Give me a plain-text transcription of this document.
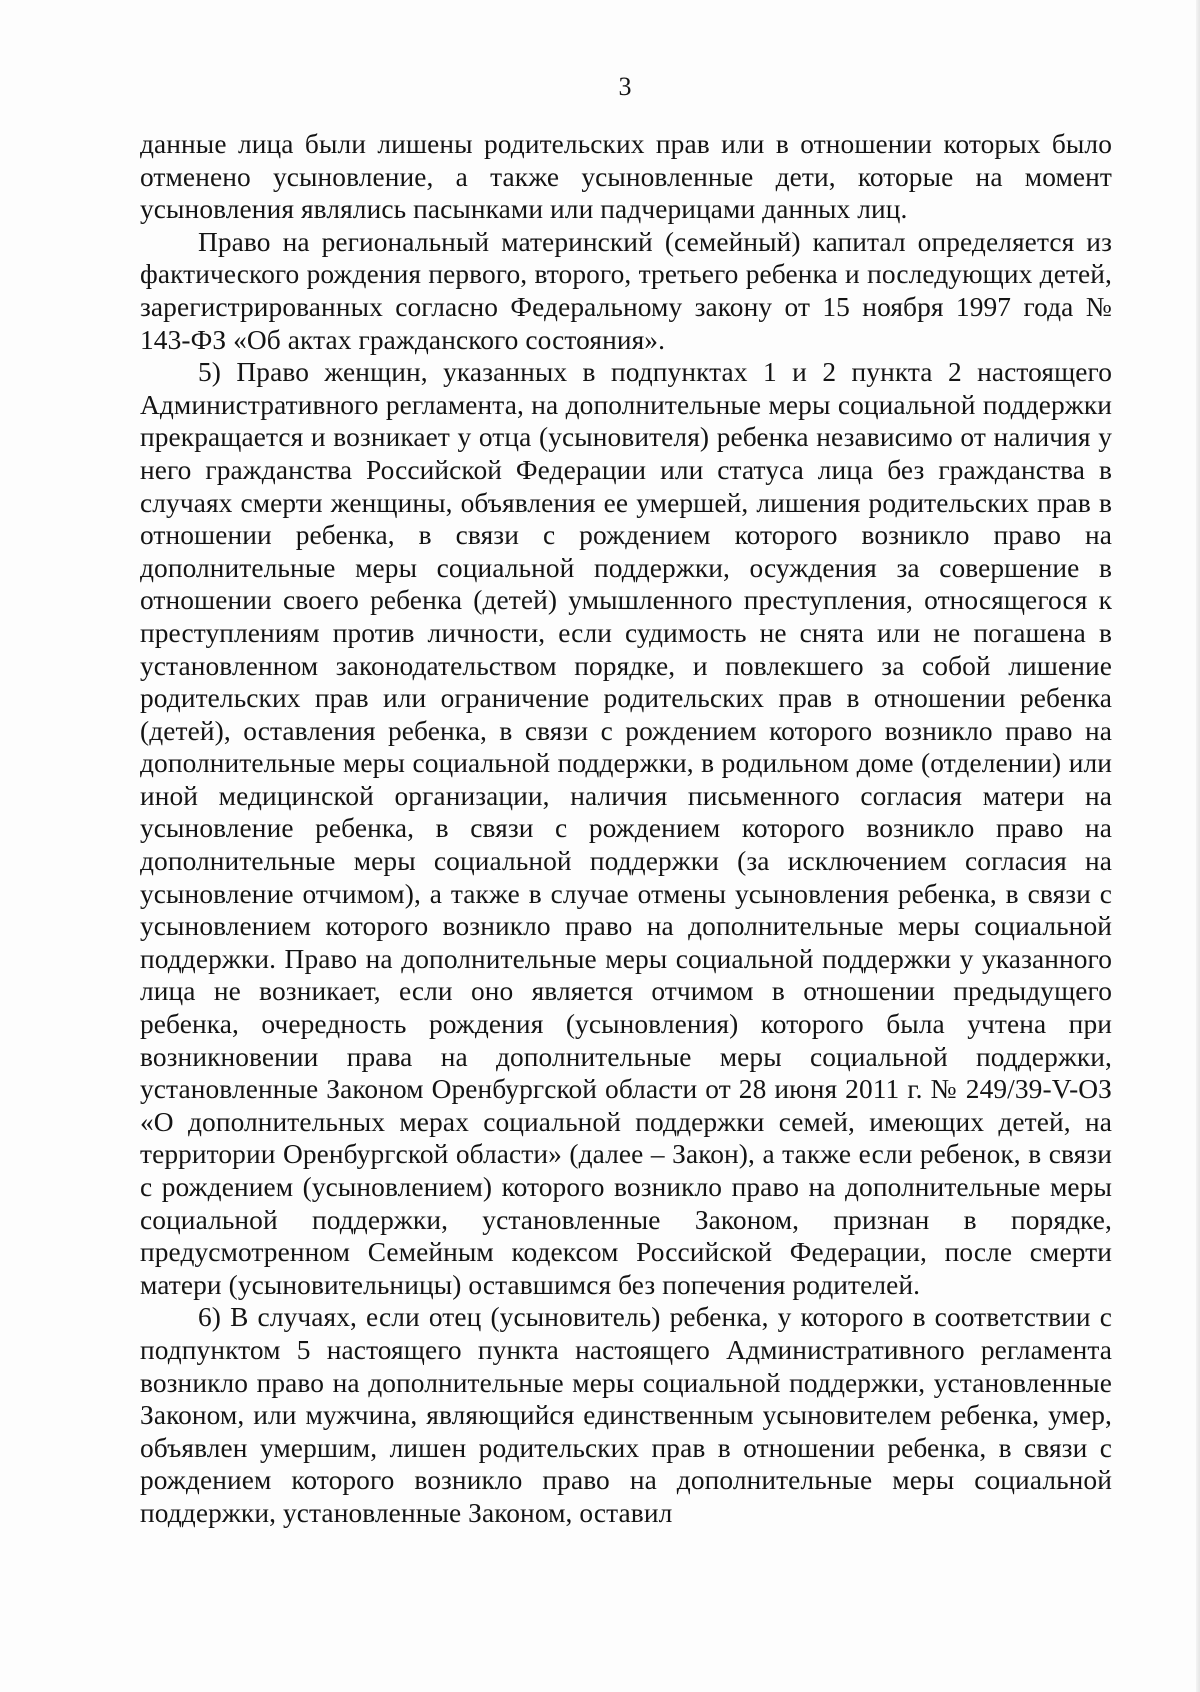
3

данные лица были лишены родительских прав или в отношении которых было отменено усыновление, а также усыновленные дети, которые на момент усыновления являлись пасынками или падчерицами данных лиц.

Право на региональный материнский (семейный) капитал определяется из фактического рождения первого, второго, третьего ребенка и последующих детей, зарегистрированных согласно Федеральному закону от 15 ноября 1997 года № 143-ФЗ «Об актах гражданского состояния».

5) Право женщин, указанных в подпунктах 1 и 2 пункта 2 настоящего Административного регламента, на дополнительные меры социальной поддержки прекращается и возникает у отца (усыновителя) ребенка независимо от наличия у него гражданства Российской Федерации или статуса лица без гражданства в случаях смерти женщины, объявления ее умершей, лишения родительских прав в отношении ребенка, в связи с рождением которого возникло право на дополнительные меры социальной поддержки, осуждения за совершение в отношении своего ребенка (детей) умышленного преступления, относящегося к преступлениям против личности, если судимость не снята или не погашена в установленном законодательством порядке, и повлекшего за собой лишение родительских прав или ограничение родительских прав в отношении ребенка (детей), оставления ребенка, в связи с рождением которого возникло право на дополнительные меры социальной поддержки, в родильном доме (отделении) или иной медицинской организации, наличия письменного согласия матери на усыновление ребенка, в связи с рождением которого возникло право на дополнительные меры социальной поддержки (за исключением согласия на усыновление отчимом), а также в случае отмены усыновления ребенка, в связи с усыновлением которого возникло право на дополнительные меры социальной поддержки. Право на дополнительные меры социальной поддержки у указанного лица не возникает, если оно является отчимом в отношении предыдущего ребенка, очередность рождения (усыновления) которого была учтена при возникновении права на дополнительные меры социальной поддержки, установленные Законом Оренбургской области от 28 июня 2011 г. № 249/39-V-ОЗ «О дополнительных мерах социальной поддержки семей, имеющих детей, на территории Оренбургской области» (далее – Закон), а также если ребенок, в связи с рождением (усыновлением) которого возникло право на дополнительные меры социальной поддержки, установленные Законом, признан в порядке, предусмотренном Семейным кодексом Российской Федерации, после смерти матери (усыновительницы) оставшимся без попечения родителей.

6) В случаях, если отец (усыновитель) ребенка, у которого в соответствии с подпунктом 5 настоящего пункта настоящего Административного регламента возникло право на дополнительные меры социальной поддержки, установленные Законом, или мужчина, являющийся единственным усыновителем ребенка, умер, объявлен умершим, лишен родительских прав в отношении ребенка, в связи с рождением которого возникло право на дополнительные меры социальной поддержки, установленные Законом, оставил
